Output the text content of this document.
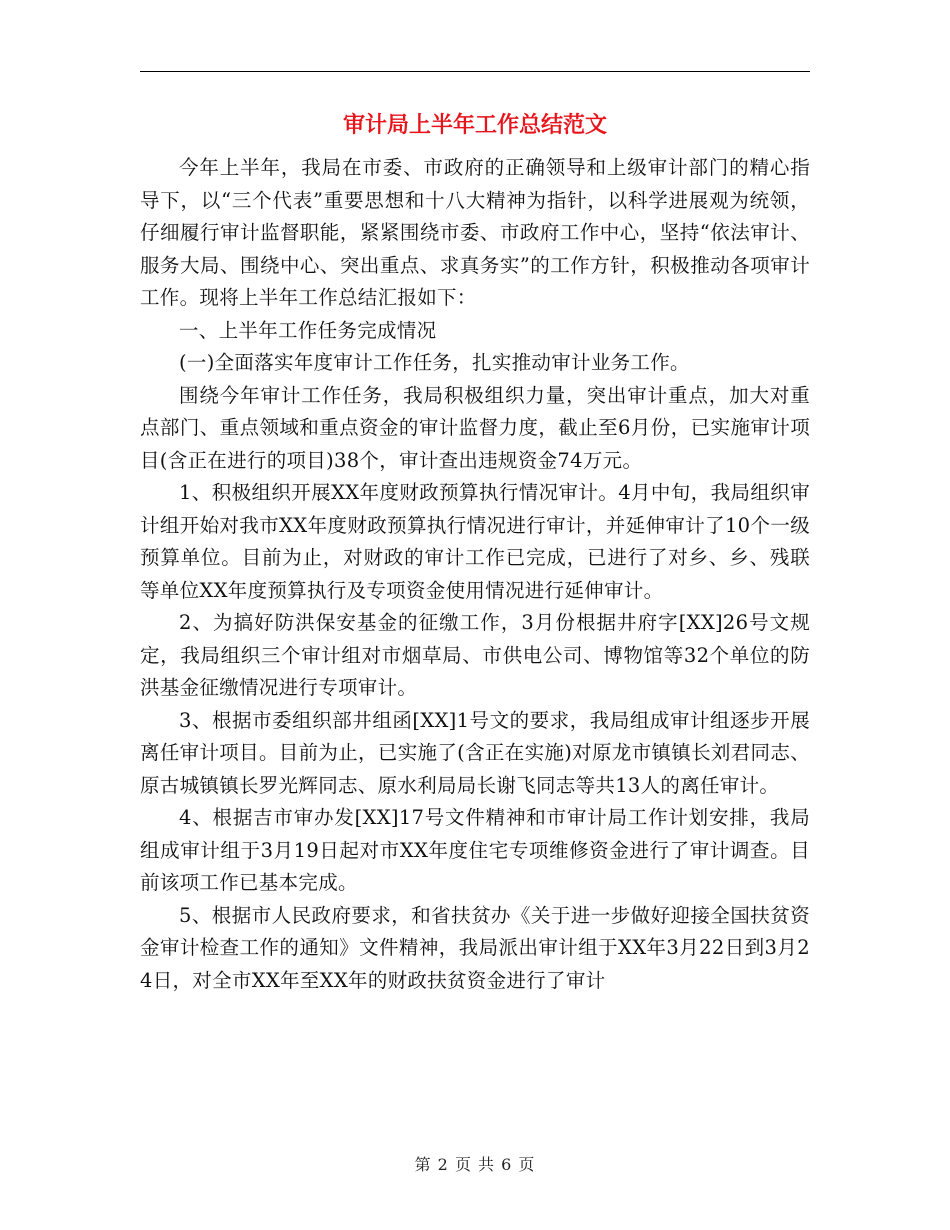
审计局上半年工作总结范文

今年上半年，我局在市委、市政府的正确领导和上级审计部门的精心指导下，以“三个代表”重要思想和十八大精神为指针，以科学进展观为统领，仔细履行审计监督职能，紧紧围绕市委、市政府工作中心，坚持“依法审计、服务大局、围绕中心、突出重点、求真务实”的工作方针，积极推动各项审计工作。现将上半年工作总结汇报如下：

一、上半年工作任务完成情况

(一)全面落实年度审计工作任务，扎实推动审计业务工作。

围绕今年审计工作任务，我局积极组织力量，突出审计重点，加大对重点部门、重点领域和重点资金的审计监督力度，截止至6月份，已实施审计项目(含正在进行的项目)38个，审计查出违规资金74万元。

1、积极组织开展XX年度财政预算执行情况审计。4月中旬，我局组织审计组开始对我市XX年度财政预算执行情况进行审计，并延伸审计了10个一级预算单位。目前为止，对财政的审计工作已完成，已进行了对乡、乡、残联等单位XX年度预算执行及专项资金使用情况进行延伸审计。

2、为搞好防洪保安基金的征缴工作，3月份根据井府字[XX]26号文规定，我局组织三个审计组对市烟草局、市供电公司、博物馆等32个单位的防洪基金征缴情况进行专项审计。

3、根据市委组织部井组函[XX]1号文的要求，我局组成审计组逐步开展离任审计项目。目前为止，已实施了(含正在实施)对原龙市镇镇长刘君同志、原古城镇镇长罗光辉同志、原水利局局长谢飞同志等共13人的离任审计。

4、根据吉市审办发[XX]17号文件精神和市审计局工作计划安排，我局组成审计组于3月19日起对市XX年度住宅专项维修资金进行了审计调查。目前该项工作已基本完成。

5、根据市人民政府要求，和省扶贫办《关于进一步做好迎接全国扶贫资金审计检查工作的通知》文件精神，我局派出审计组于XX年3月22日到3月24日，对全市XX年至XX年的财政扶贫资金进行了审计

第 2 页 共 6 页
